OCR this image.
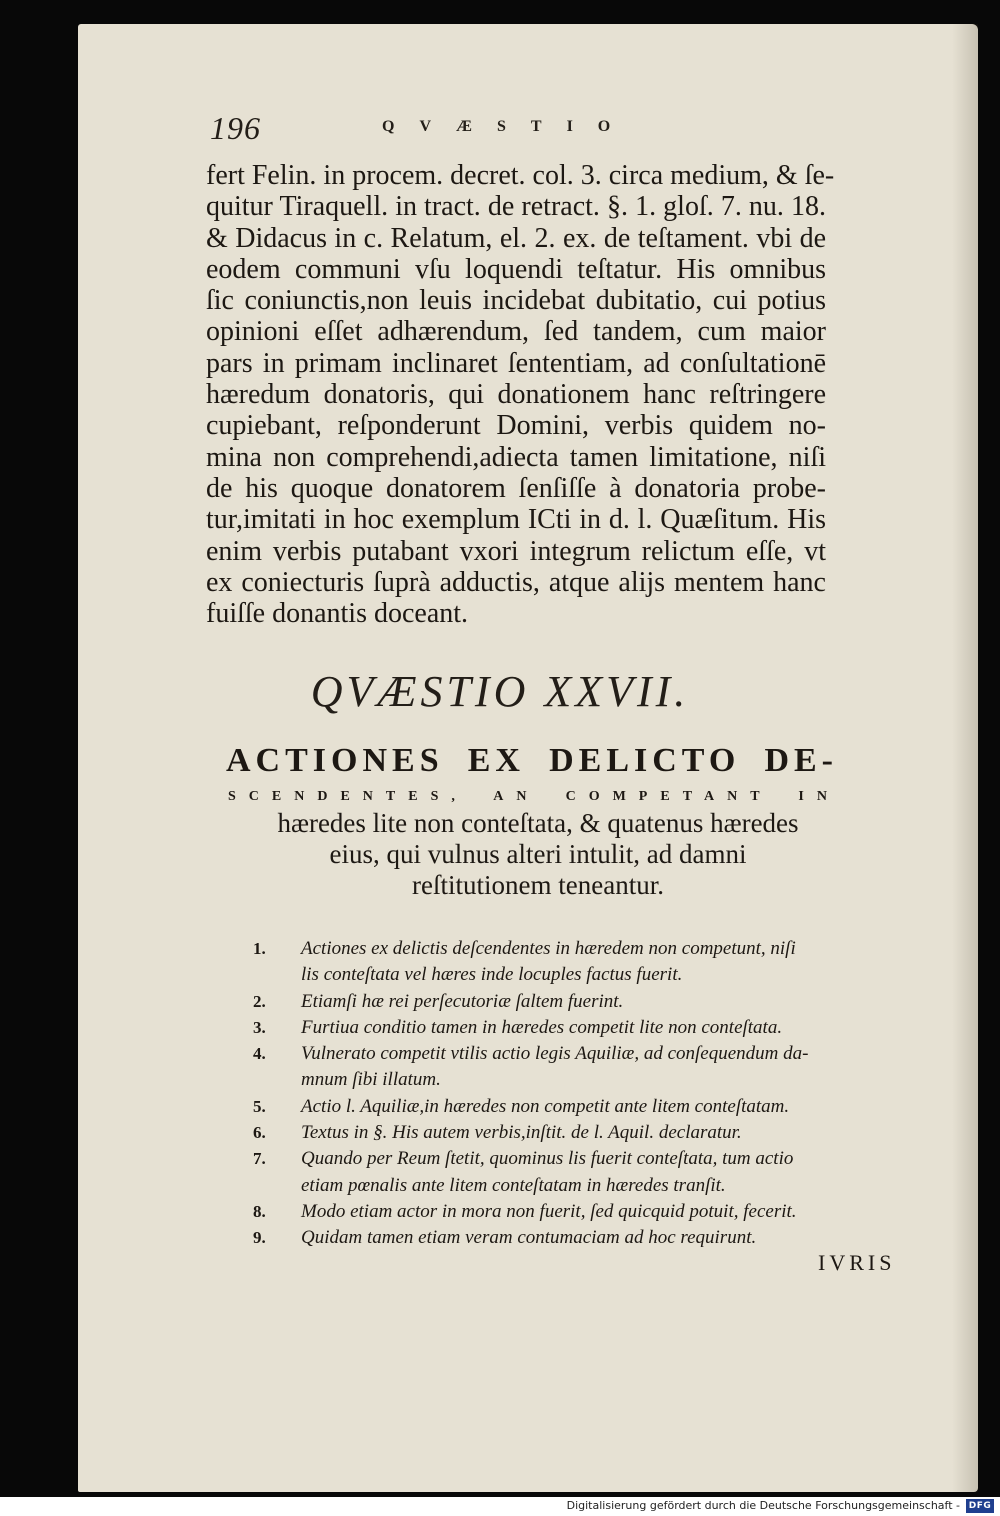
196	QVÆSTIO
fert Felin. in procem. decret. col. 3. circa medium, & ſe-
quitur Tiraquell. in tract. de retract. §. 1. gloſ. 7. nu. 18.
& Didacus in c. Relatum, el. 2. ex. de teſtament. vbi de
eodem communi vſu loquendi teſtatur. His omnibus
ſic coniunctis,non leuis incidebat dubitatio, cui potius
opinioni eſſet adhærendum, ſed tandem, cum maior
pars in primam inclinaret ſententiam, ad conſultationē
hæredum donatoris, qui donationem hanc reſtringere
cupiebant, reſponderunt Domini, verbis quidem no-
mina non comprehendi,adiecta tamen limitatione, niſi
de his quoque donatorem ſenſiſſe à donatoria probe-
tur,imitati in hoc exemplum ICti in d. l. Quæſitum. His
enim verbis putabant vxori integrum relictum eſſe, vt
ex coniecturis ſuprà adductis, atque alijs mentem hanc
fuiſſe donantis doceant.
QVÆSTIO XXVII.
ACTIONES EX DELICTO DE-
SCENDENTES, AN COMPETANT IN
hæredes lite non conteſtata, & quatenus hæredes
eius, qui vulnus alteri intulit, ad damni
reſtitutionem teneantur.
1. Actiones ex delictis deſcendentes in hæredem non competunt, niſi
lis conteſtata vel hæres inde locuples factus fuerit.
2. Etiamſi hæ rei perſecutoriæ ſaltem fuerint.
3. Furtiua conditio tamen in hæredes competit lite non conteſtata.
4. Vulnerato competit vtilis actio legis Aquiliæ, ad conſequendum da-
mnum ſibi illatum.
5. Actio l. Aquiliæ,in hæredes non competit ante litem conteſtatam.
6. Textus in §. His autem verbis,inſtit. de l. Aquil. declaratur.
7. Quando per Reum ſtetit, quominus lis fuerit conteſtata, tum actio
etiam pœnalis ante litem conteſtatam in hæredes tranſit.
8. Modo etiam actor in mora non fuerit, ſed quicquid potuit, fecerit.
9. Quidam tamen etiam veram contumaciam ad hoc requirunt.
IVRIS
Digitalisierung gefördert durch die Deutsche Forschungsgemeinschaft - DFG
